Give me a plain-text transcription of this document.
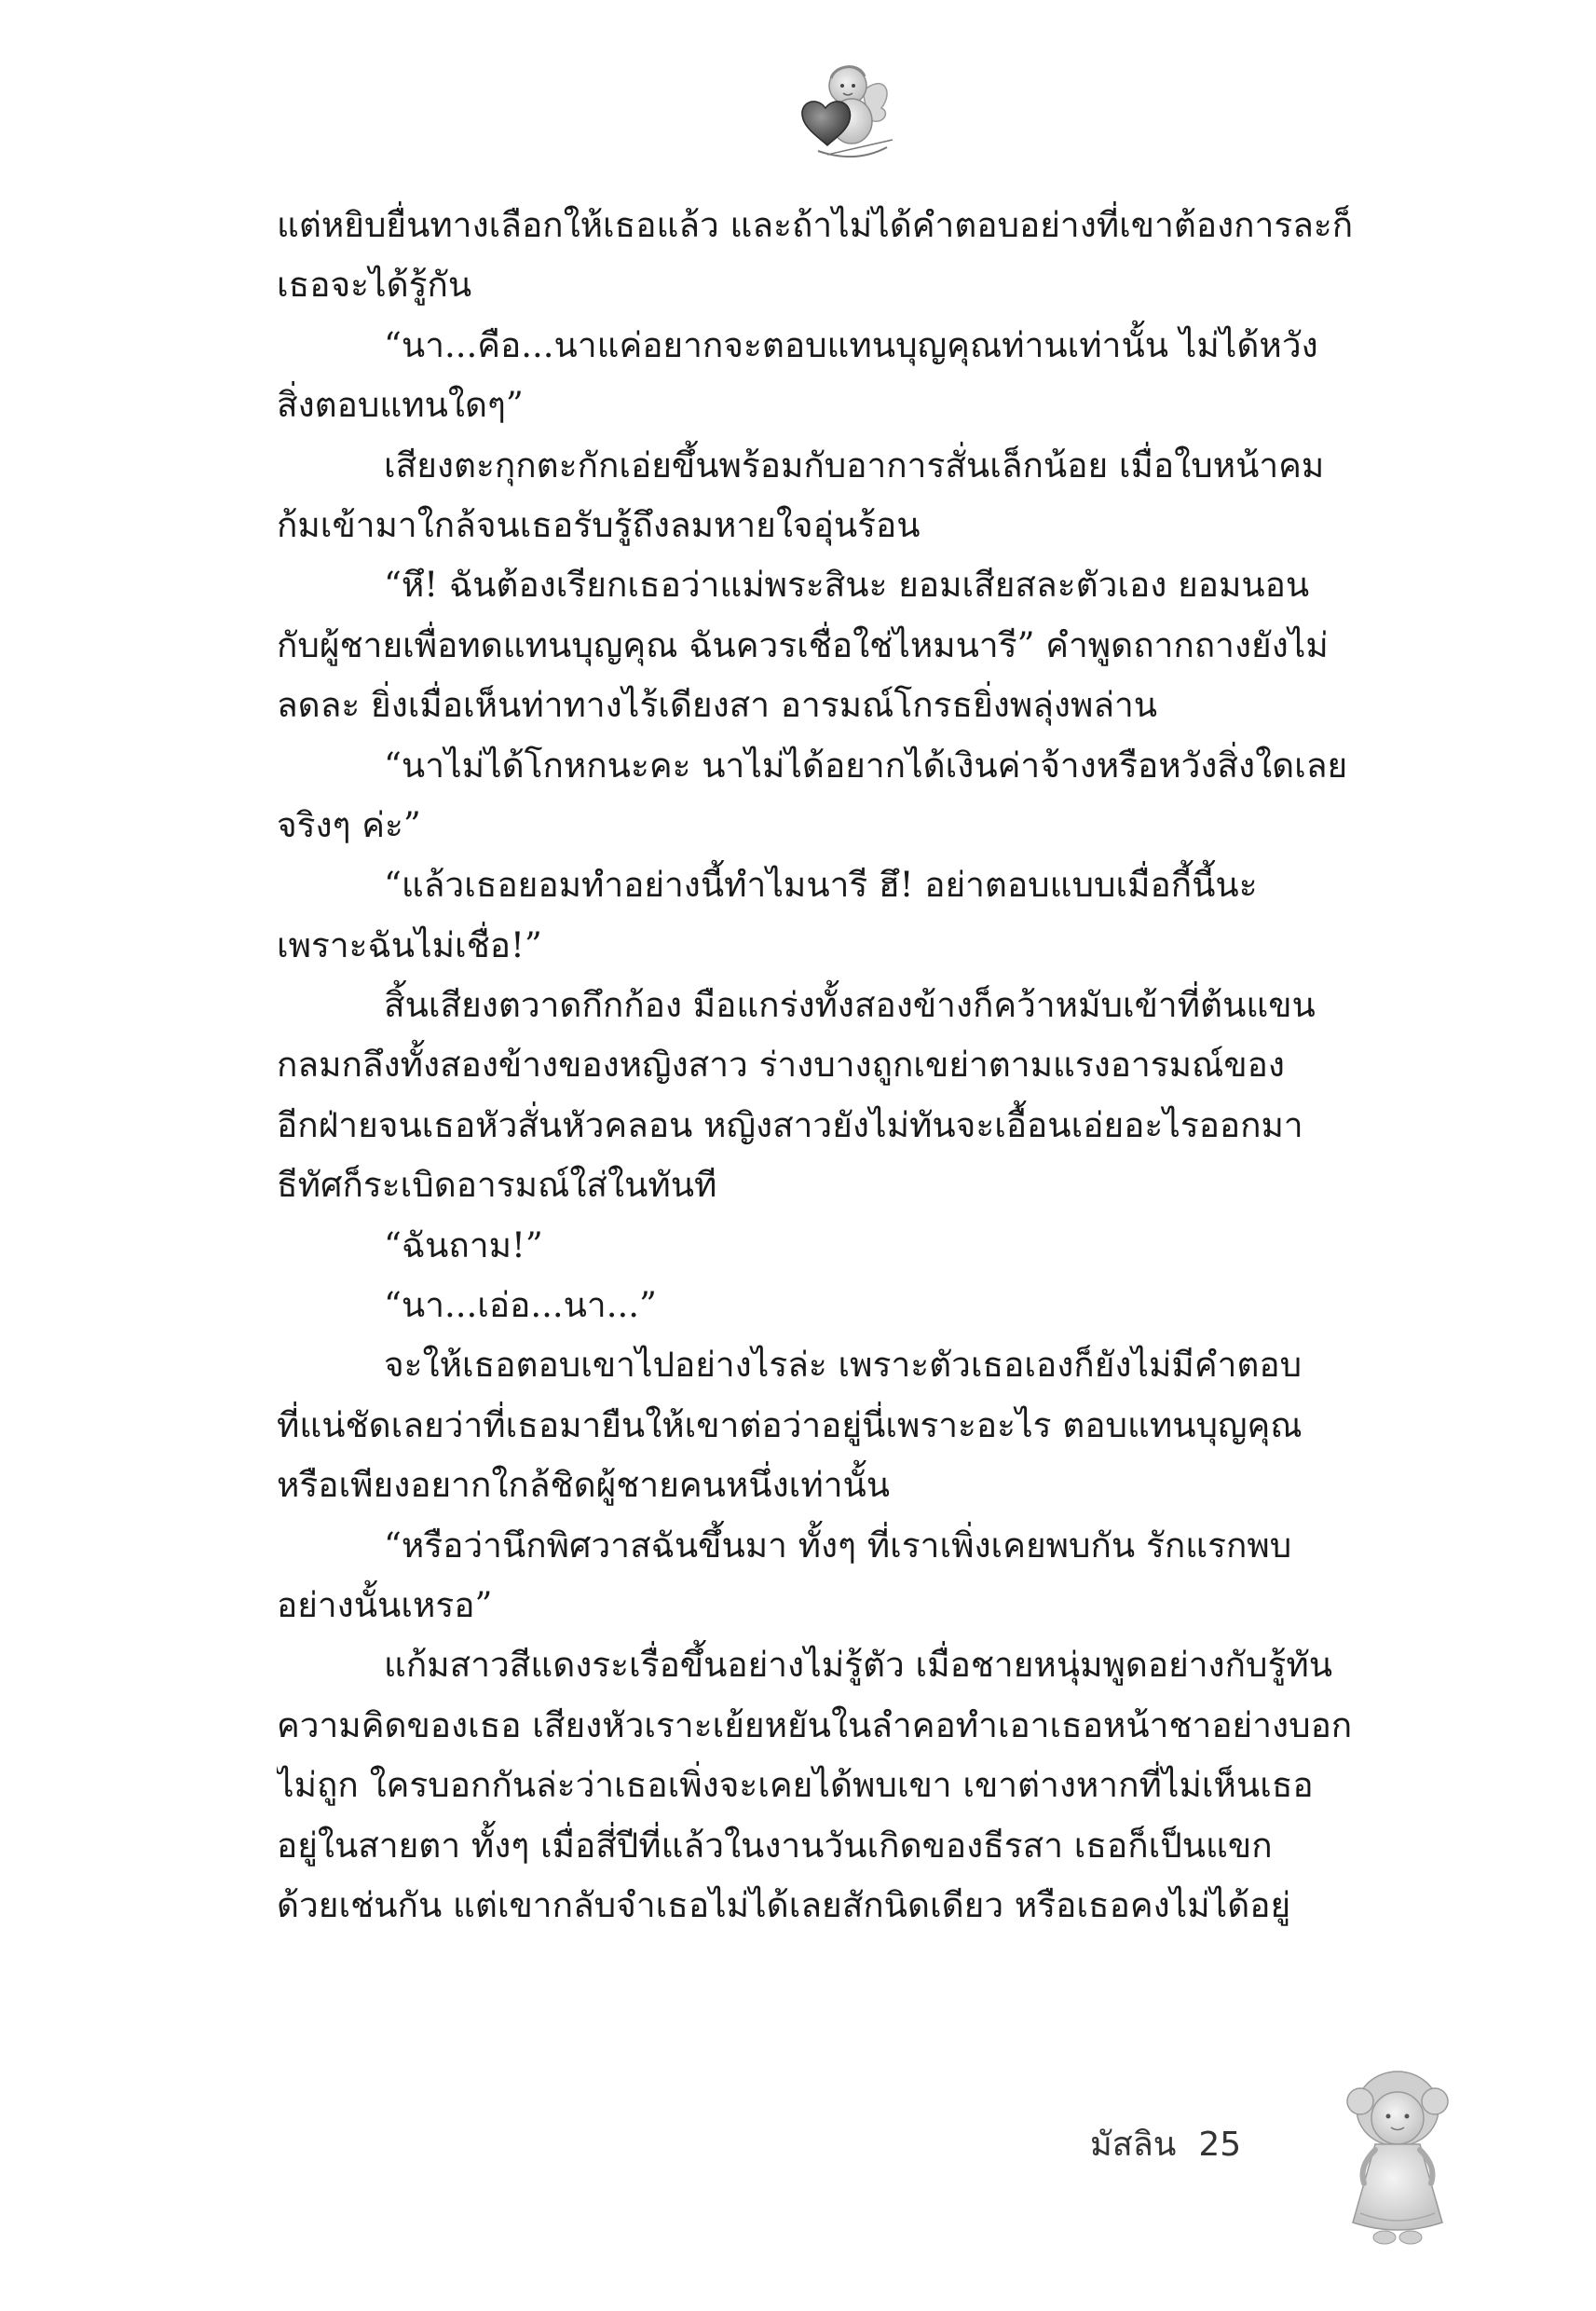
แต่หยิบยื่นทางเลือกให้เธอแล้ว และถ้าไม่ได้คำตอบอย่างที่เขาต้องการละก็
เธอจะได้รู้กัน
“นา...คือ...นาแค่อยากจะตอบแทนบุญคุณท่านเท่านั้น ไม่ได้หวัง
สิ่งตอบแทนใดๆ”
เสียงตะกุกตะกักเอ่ยขึ้นพร้อมกับอาการสั่นเล็กน้อย เมื่อใบหน้าคม
ก้มเข้ามาใกล้จนเธอรับรู้ถึงลมหายใจอุ่นร้อน
“หึ! ฉันต้องเรียกเธอว่าแม่พระสินะ ยอมเสียสละตัวเอง ยอมนอน
กับผู้ชายเพื่อทดแทนบุญคุณ ฉันควรเชื่อใช่ไหมนารี” คำพูดถากถางยังไม่
ลดละ ยิ่งเมื่อเห็นท่าทางไร้เดียงสา อารมณ์โกรธยิ่งพลุ่งพล่าน
“นาไม่ได้โกหกนะคะ นาไม่ได้อยากได้เงินค่าจ้างหรือหวังสิ่งใดเลย
จริงๆ ค่ะ”
“แล้วเธอยอมทำอย่างนี้ทำไมนารี ฮึ! อย่าตอบแบบเมื่อกี้นี้นะ
เพราะฉันไม่เชื่อ!”
สิ้นเสียงตวาดกึกก้อง มือแกร่งทั้งสองข้างก็คว้าหมับเข้าที่ต้นแขน
กลมกลึงทั้งสองข้างของหญิงสาว ร่างบางถูกเขย่าตามแรงอารมณ์ของ
อีกฝ่ายจนเธอหัวสั่นหัวคลอน หญิงสาวยังไม่ทันจะเอื้อนเอ่ยอะไรออกมา
ธีทัศก็ระเบิดอารมณ์ใส่ในทันที
“ฉันถาม!”
“นา...เอ่อ...นา...”
จะให้เธอตอบเขาไปอย่างไรล่ะ เพราะตัวเธอเองก็ยังไม่มีคำตอบ
ที่แน่ชัดเลยว่าที่เธอมายืนให้เขาต่อว่าอยู่นี่เพราะอะไร ตอบแทนบุญคุณ
หรือเพียงอยากใกล้ชิดผู้ชายคนหนึ่งเท่านั้น
“หรือว่านึกพิศวาสฉันขึ้นมา ทั้งๆ ที่เราเพิ่งเคยพบกัน รักแรกพบ
อย่างนั้นเหรอ”
แก้มสาวสีแดงระเรื่อขึ้นอย่างไม่รู้ตัว เมื่อชายหนุ่มพูดอย่างกับรู้ทัน
ความคิดของเธอ เสียงหัวเราะเย้ยหยันในลำคอทำเอาเธอหน้าชาอย่างบอก
ไม่ถูก ใครบอกกันล่ะว่าเธอเพิ่งจะเคยได้พบเขา เขาต่างหากที่ไม่เห็นเธอ
อยู่ในสายตา ทั้งๆ เมื่อสี่ปีที่แล้วในงานวันเกิดของธีรสา เธอก็เป็นแขก
ด้วยเช่นกัน แต่เขากลับจำเธอไม่ได้เลยสักนิดเดียว หรือเธอคงไม่ได้อยู่
มัสลิน 25
